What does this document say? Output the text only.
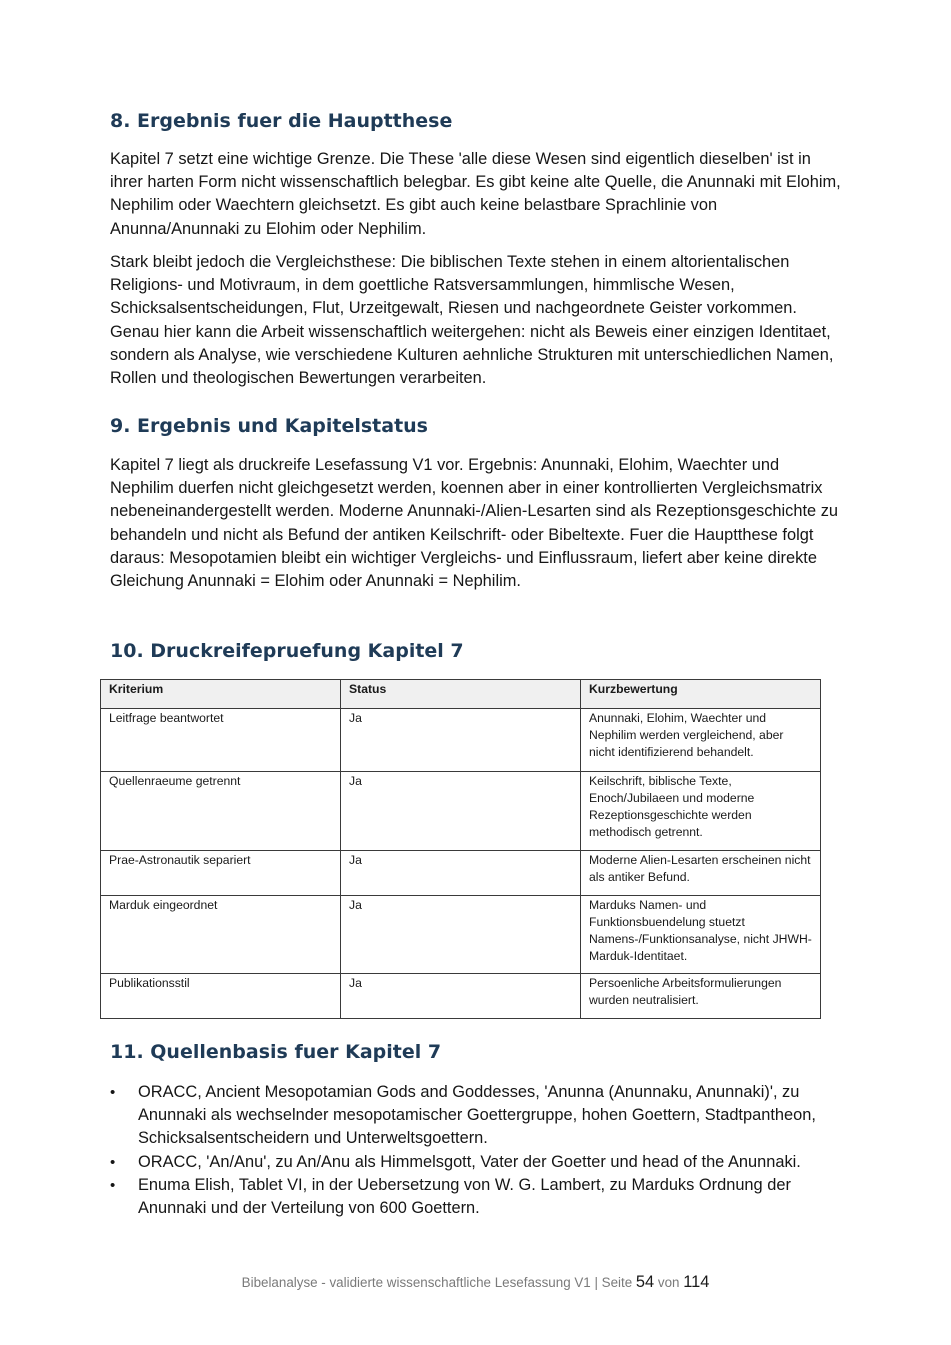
8. Ergebnis fuer die Hauptthese

Kapitel 7 setzt eine wichtige Grenze. Die These 'alle diese Wesen sind eigentlich dieselben' ist in ihrer harten Form nicht wissenschaftlich belegbar. Es gibt keine alte Quelle, die Anunnaki mit Elohim, Nephilim oder Waechtern gleichsetzt. Es gibt auch keine belastbare Sprachlinie von Anunna/Anunnaki zu Elohim oder Nephilim.

Stark bleibt jedoch die Vergleichsthese: Die biblischen Texte stehen in einem altorientalischen Religions- und Motivraum, in dem goettliche Ratsversammlungen, himmlische Wesen, Schicksalsentscheidungen, Flut, Urzeitgewalt, Riesen und nachgeordnete Geister vorkommen. Genau hier kann die Arbeit wissenschaftlich weitergehen: nicht als Beweis einer einzigen Identitaet, sondern als Analyse, wie verschiedene Kulturen aehnliche Strukturen mit unterschiedlichen Namen, Rollen und theologischen Bewertungen verarbeiten.

9. Ergebnis und Kapitelstatus

Kapitel 7 liegt als druckreife Lesefassung V1 vor. Ergebnis: Anunnaki, Elohim, Waechter und Nephilim duerfen nicht gleichgesetzt werden, koennen aber in einer kontrollierten Vergleichsmatrix nebeneinandergestellt werden. Moderne Anunnaki-/Alien-Lesarten sind als Rezeptionsgeschichte zu behandeln und nicht als Befund der antiken Keilschrift- oder Bibeltexte. Fuer die Hauptthese folgt daraus: Mesopotamien bleibt ein wichtiger Vergleichs- und Einflussraum, liefert aber keine direkte Gleichung Anunnaki = Elohim oder Anunnaki = Nephilim.

10. Druckreifepruefung Kapitel 7
Kriterium	Status	Kurzbewertung
Leitfrage beantwortet	Ja	Anunnaki, Elohim, Waechter und Nephilim werden vergleichend, aber nicht identifizierend behandelt.
Quellenraeume getrennt	Ja	Keilschrift, biblische Texte, Enoch/Jubilaeen und moderne Rezeptionsgeschichte werden methodisch getrennt.
Prae-Astronautik separiert	Ja	Moderne Alien-Lesarten erscheinen nicht als antiker Befund.
Marduk eingeordnet	Ja	Marduks Namen- und Funktionsbuendelung stuetzt Namens-/Funktionsanalyse, nicht JHWH-Marduk-Identitaet.
Publikationsstil	Ja	Persoenliche Arbeitsformulierungen wurden neutralisiert.
11. Quellenbasis fuer Kapitel 7
• ORACC, Ancient Mesopotamian Gods and Goddesses, 'Anunna (Anunnaku, Anunnaki)', zu Anunnaki als wechselnder mesopotamischer Goettergruppe, hohen Goettern, Stadtpantheon, Schicksalsentscheidern und Unterweltsgoettern.
• ORACC, 'An/Anu', zu An/Anu als Himmelsgott, Vater der Goetter und head of the Anunnaki.
• Enuma Elish, Tablet VI, in der Uebersetzung von W. G. Lambert, zu Marduks Ordnung der Anunnaki und der Verteilung von 600 Goettern.
Bibelanalyse - validierte wissenschaftliche Lesefassung V1 | Seite 54 von 114
